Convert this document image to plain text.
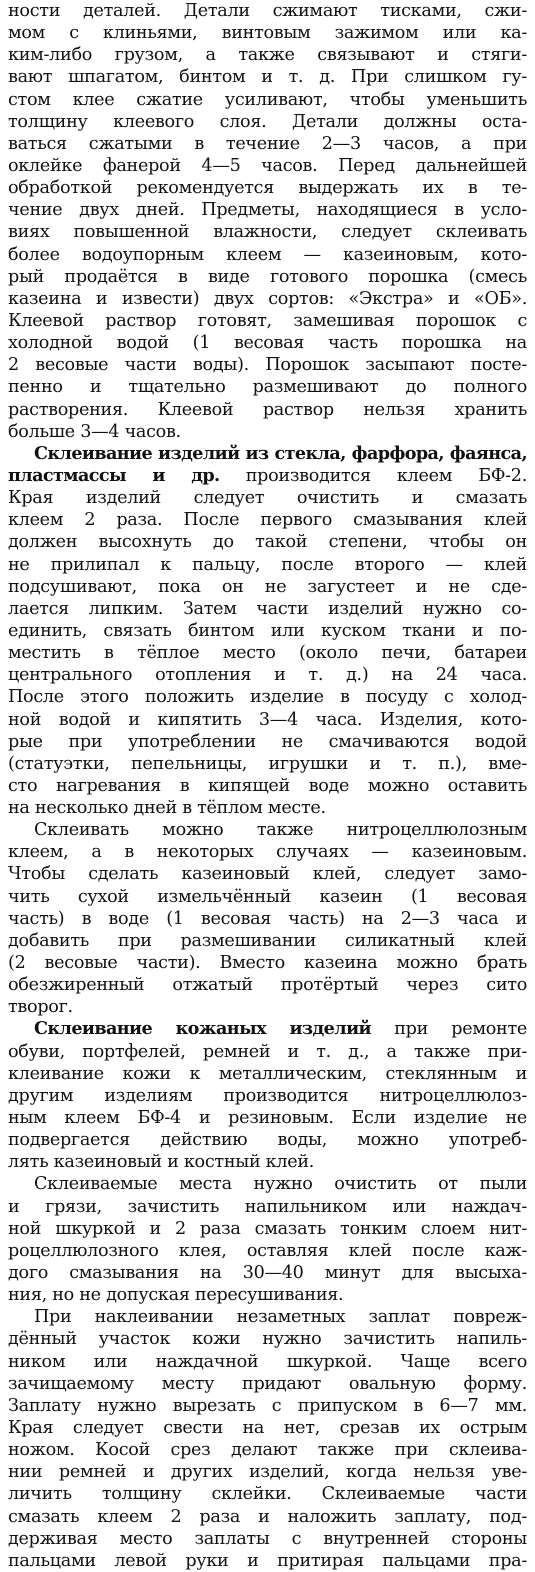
ности деталей. Детали сжимают тисками, сжи-
мом с клиньями, винтовым зажимом или ка-
ким-либо грузом, а также связывают и стяги-
вают шпагатом, бинтом и т. д. При слишком гу-
стом клее сжатие усиливают, чтобы уменьшить
толщину клеевого слоя. Детали должны оста-
ваться сжатыми в течение 2—3 часов, а при
оклейке фанерой 4—5 часов. Перед дальнейшей
обработкой рекомендуется выдержать их в те-
чение двух дней. Предметы, находящиеся в усло-
виях повышенной влажности, следует склеивать
более водоупорным клеем — казеиновым, кото-
рый продаётся в виде готового порошка (смесь
казеина и извести) двух сортов: «Экстра» и «ОБ».
Клеевой раствор готовят, замешивая порошок с
холодной водой (1 весовая часть порошка на
2 весовые части воды). Порошок засыпают посте-
пенно и тщательно размешивают до полного
растворения. Клеевой раствор нельзя хранить
больше 3—4 часов.
Склеивание изделий из стекла, фарфора, фаянса,
пластмассы и др. производится клеем БФ-2.
Края изделий следует очистить и смазать
клеем 2 раза. После первого смазывания клей
должен высохнуть до такой степени, чтобы он
не прилипал к пальцу, после второго — клей
подсушивают, пока он не загустеет и не сде-
лается липким. Затем части изделий нужно со-
единить, связать бинтом или куском ткани и по-
местить в тёплое место (около печи, батареи
центрального отопления и т. д.) на 24 часа.
После этого положить изделие в посуду с холод-
ной водой и кипятить 3—4 часа. Изделия, кото-
рые при употреблении не смачиваются водой
(статуэтки, пепельницы, игрушки и т. п.), вме-
сто нагревания в кипящей воде можно оставить
на несколько дней в тёплом месте.
Склеивать можно также нитроцеллюлозным
клеем, а в некоторых случаях — казеиновым.
Чтобы сделать казеиновый клей, следует замо-
чить сухой измельчённый казеин (1 весовая
часть) в воде (1 весовая часть) на 2—3 часа и
добавить при размешивании силикатный клей
(2 весовые части). Вместо казеина можно брать
обезжиренный отжатый протёртый через сито
творог.
Склеивание кожаных изделий при ремонте
обуви, портфелей, ремней и т. д., а также при-
клеивание кожи к металлическим, стеклянным и
другим изделиям производится нитроцеллюлоз-
ным клеем БФ-4 и резиновым. Если изделие не
подвергается действию воды, можно употреб-
лять казеиновый и костный клей.
Склеиваемые места нужно очистить от пыли
и грязи, зачистить напильником или наждач-
ной шкуркой и 2 раза смазать тонким слоем нит-
роцеллюлозного клея, оставляя клей после каж-
дого смазывания на 30—40 минут для высыха-
ния, но не допуская пересушивания.
При наклеивании незаметных заплат повреж-
дённый участок кожи нужно зачистить напиль-
ником или наждачной шкуркой. Чаще всего
зачищаемому месту придают овальную форму.
Заплату нужно вырезать с припуском в 6—7 мм.
Края следует свести на нет, срезав их острым
ножом. Косой срез делают также при склеива-
нии ремней и других изделий, когда нельзя уве-
личить толщину склейки. Склеиваемые части
смазать клеем 2 раза и наложить заплату, под-
держивая место заплаты с внутренней стороны
пальцами левой руки и притирая пальцами пра-
